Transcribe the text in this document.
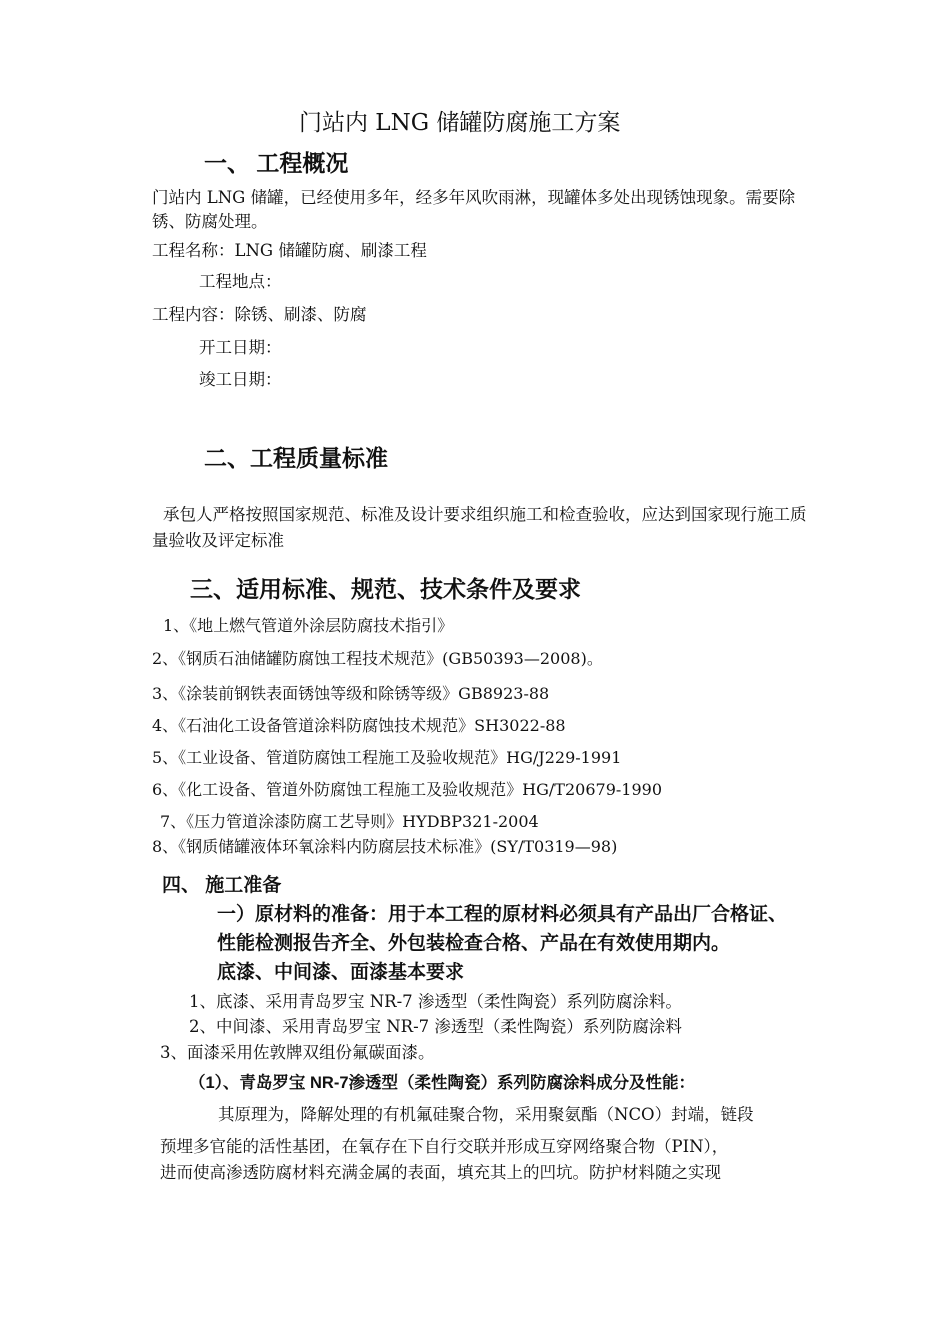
门站内 LNG 储罐防腐施工方案
一、 工程概况
门站内 LNG 储罐，已经使用多年，经多年风吹雨淋，现罐体多处出现锈蚀现象。需要除
锈、防腐处理。
工程名称：LNG 储罐防腐、刷漆工程
工程地点：
工程内容：除锈、刷漆、防腐
开工日期：
竣工日期：
二、工程质量标准
承包人严格按照国家规范、标准及设计要求组织施工和检查验收，应达到国家现行施工质
量验收及评定标准
三、适用标准、规范、技术条件及要求
1、《地上燃气管道外涂层防腐技术指引》
2、《钢质石油储罐防腐蚀工程技术规范》(GB50393—2008)。
3、《涂装前钢铁表面锈蚀等级和除锈等级》GB8923-88
4、《石油化工设备管道涂料防腐蚀技术规范》SH3022-88
5、《工业设备、管道防腐蚀工程施工及验收规范》HG/J229-1991
6、《化工设备、管道外防腐蚀工程施工及验收规范》HG/T20679-1990
7、《压力管道涂漆防腐工艺导则》HYDBP321-2004
8、《钢质储罐液体环氧涂料内防腐层技术标准》(SY/T0319—98)
四、 施工准备
一）原材料的准备：用于本工程的原材料必须具有产品出厂合格证、
性能检测报告齐全、外包装检查合格、产品在有效使用期内。
底漆、中间漆、面漆基本要求
1、底漆、采用青岛罗宝 NR-7 渗透型（柔性陶瓷）系列防腐涂料。
2、中间漆、采用青岛罗宝 NR-7 渗透型（柔性陶瓷）系列防腐涂料
3、面漆采用佐敦牌双组份氟碳面漆。
（1）、青岛罗宝 NR-7渗透型（柔性陶瓷）系列防腐涂料成分及性能：
其原理为，降解处理的有机氟硅聚合物，采用聚氨酯（NCO）封端，链段
预埋多官能的活性基团，在氧存在下自行交联并形成互穿网络聚合物（PIN），
进而使高渗透防腐材料充满金属的表面，填充其上的凹坑。防护材料随之实现
